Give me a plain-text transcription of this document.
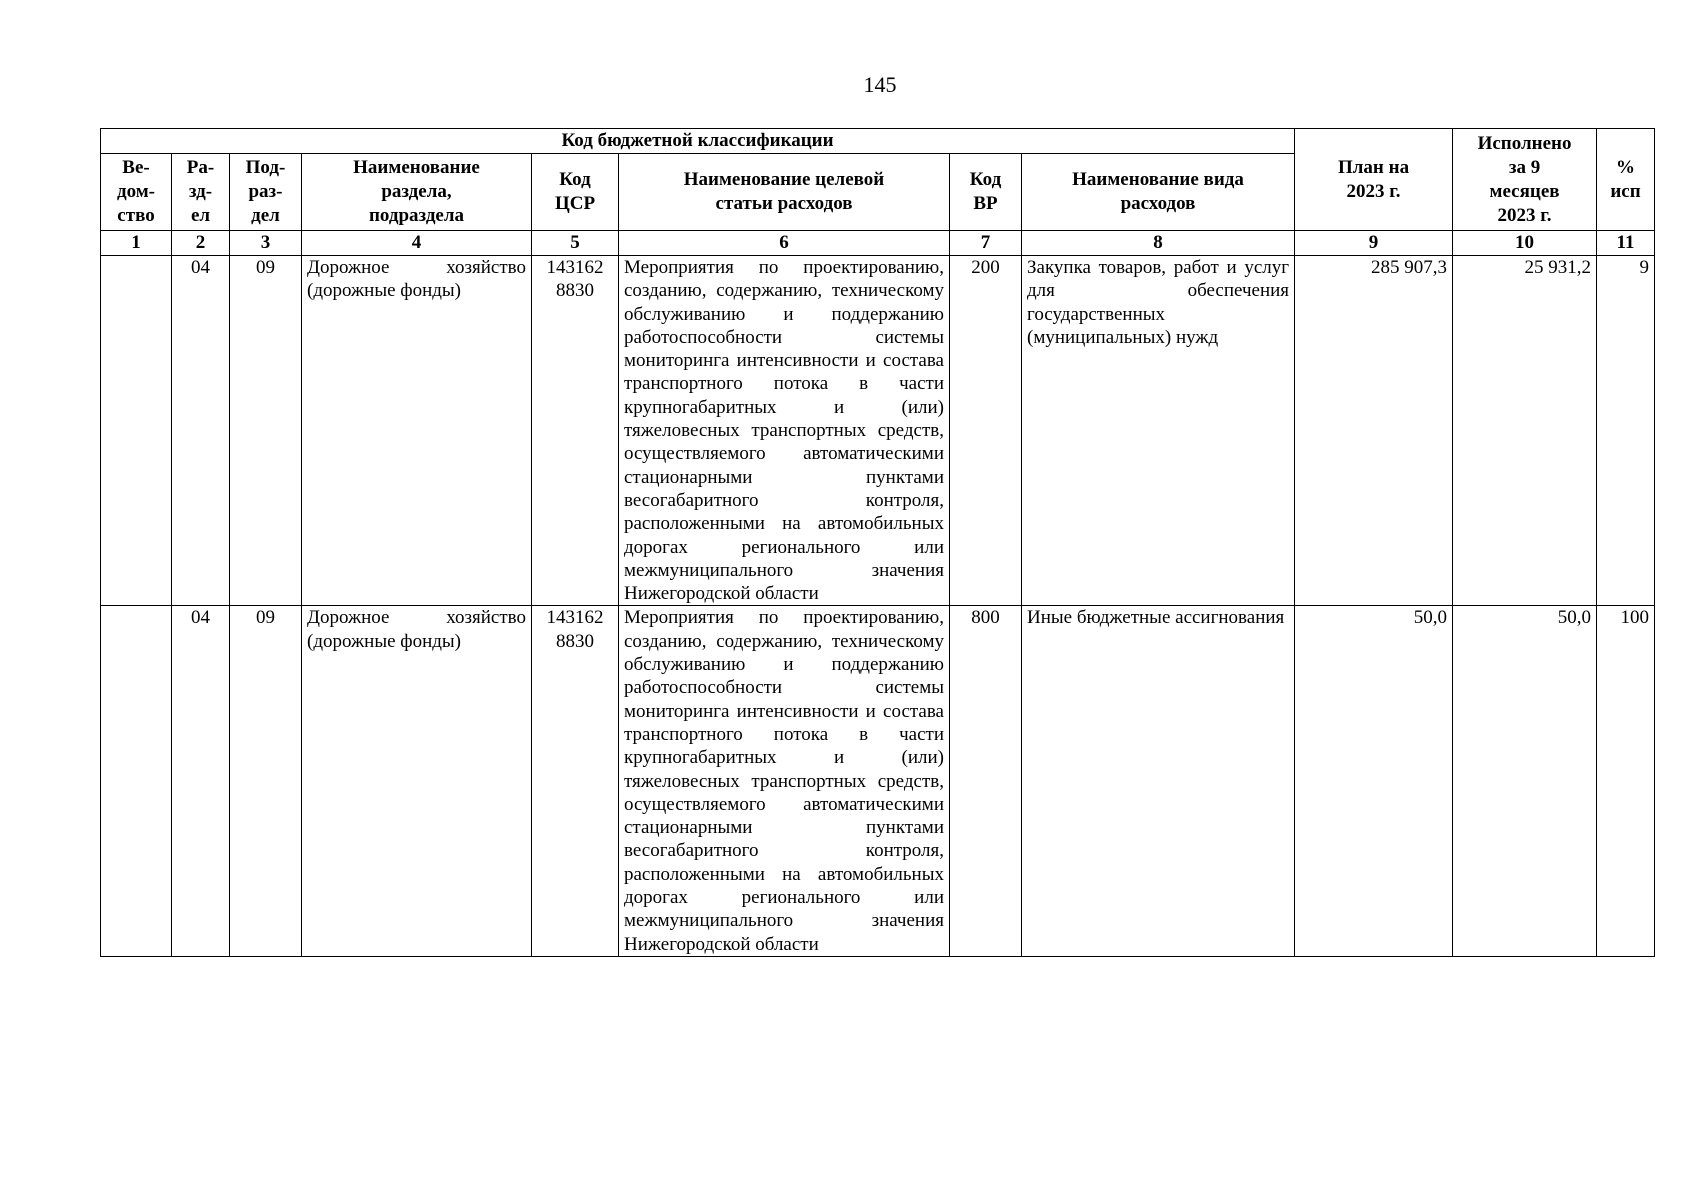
145
Код бюджетной классификации								План на
2023 г.	Исполнено
за 9
месяцев
2023 г.	%
исп
Ве-
дом-
ство	Ра-
зд-
ел	Под-
раз-
дел	Наименование
раздела,
подраздела	Код
ЦСР	Наименование целевой
статьи расходов	Код
ВР	Наименование вида
расходов			
1	2	3	4	5	6	7	8	9	10	11
	04	09	Дорожное хозяйство (дорожные фонды)	143162
8830	Мероприятия по проектированию, созданию, содержанию, техническому обслуживанию и поддержанию работоспособности системы мониторинга интенсивности и состава транспортного потока в части крупногабаритных и (или) тяжеловесных транспортных средств, осуществляемого автоматическими стационарными пунктами весогабаритного контроля, расположенными на автомобильных дорогах регионального или межмуниципального значения Нижегородской области	200	Закупка товаров, работ и услуг для обеспечения государственных (муниципальных) нужд	285 907,3	25 931,2	9
	04	09	Дорожное хозяйство (дорожные фонды)	143162
8830	Мероприятия по проектированию, созданию, содержанию, техническому обслуживанию и поддержанию работоспособности системы мониторинга интенсивности и состава транспортного потока в части крупногабаритных и (или) тяжеловесных транспортных средств, осуществляемого автоматическими стационарными пунктами весогабаритного контроля, расположенными на автомобильных дорогах регионального или межмуниципального значения Нижегородской области	800	Иные бюджетные ассигнования	50,0	50,0	100
